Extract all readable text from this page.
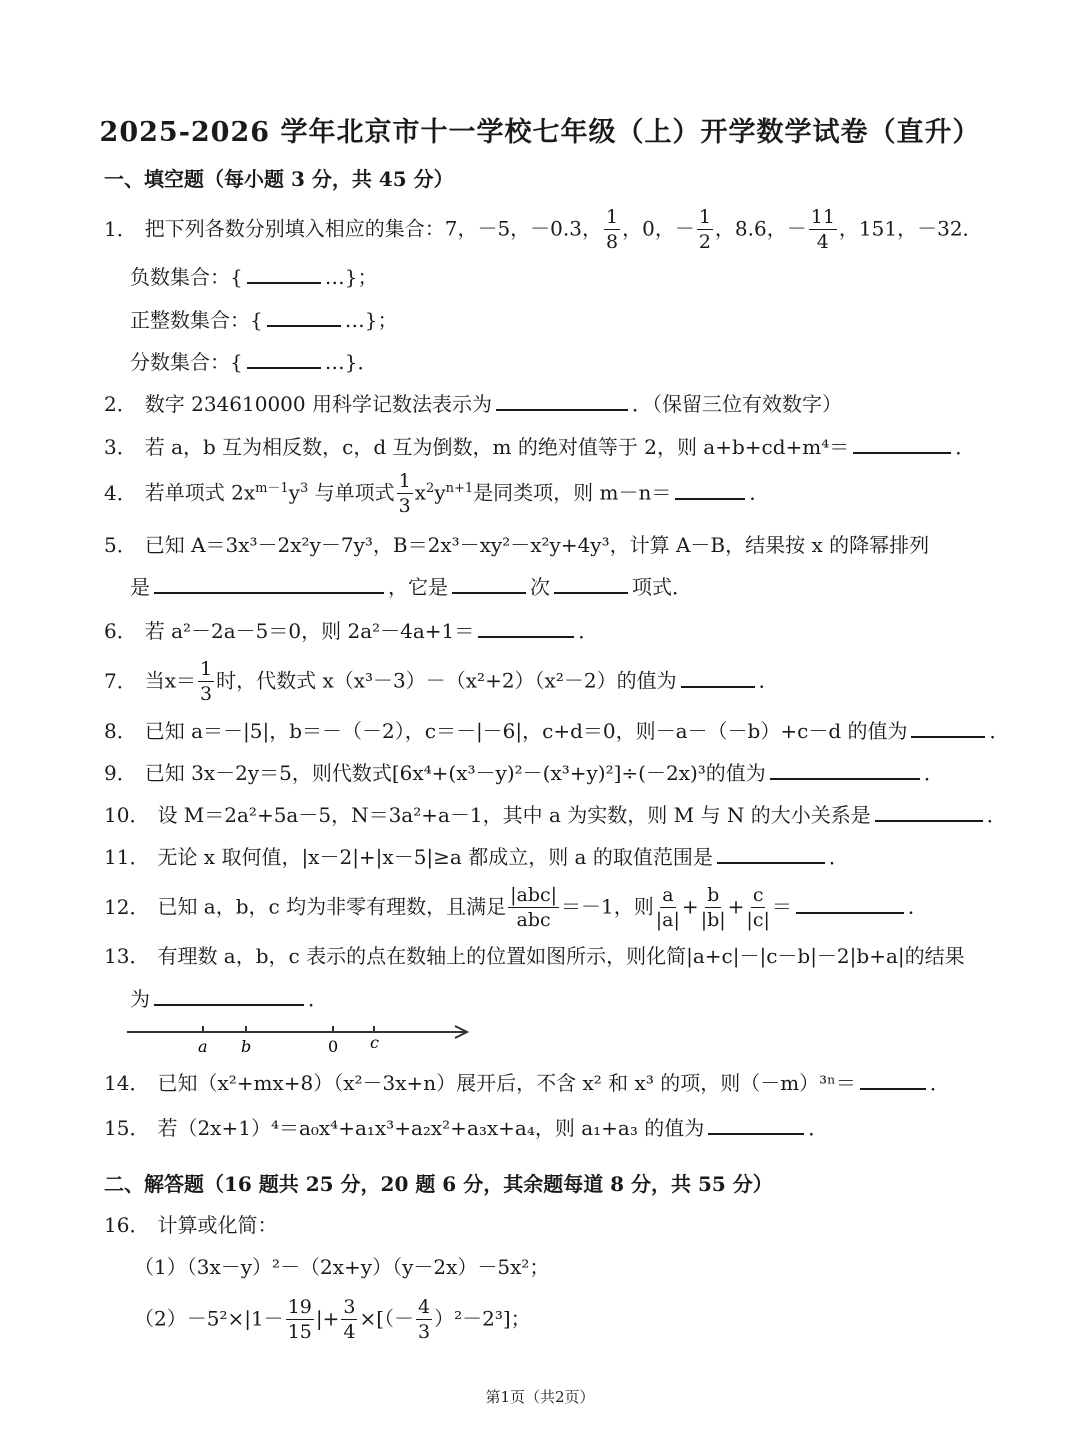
2025-2026 学年北京市十一学校七年级（上）开学数学试卷（直升）
一、填空题（每小题 3 分，共 45 分）
1． 把下列各数分别填入相应的集合：7，－5，－0.3， $\frac{1}{8}$ ，0，－ $\frac{1}{2}$ ，8.6，－ $\frac{11}{4}$ ，151，－32．
负数集合：{	…}；
正整数集合：{	…}；
分数集合：{	…}．
2． 数字 234610000 用科学记数法表示为	．（保留三位有效数字）
3． 若 a，b 互为相反数，c，d 互为倒数，m 的绝对值等于 2，则 a+b+cd+m⁴＝	．
4． 若单项式 $2x^{m-1}y^3$ 与单项式 $\frac{1}{3} x^2y^{n+1}$是同类项，则 m－n＝	．
5． 已知 A＝3x³－2x²y－7y³，B＝2x³－xy²－x²y+4y³，计算 A－B，结果按 x 的降幂排列
是	，它是	次	项式．
6． 若 a²－2a－5＝0，则 2a²－4a+1＝	．
7． 当$x= \frac{1}{3}$ 时，代数式 x（x³－3）－（x²+2）（x²－2）的值为	．
8． 已知 a＝－|5|，b＝－（－2），c＝－|－6|，c+d＝0，则－a－（－b）+c－d 的值为	．
9． 已知 3x－2y＝5，则代数式[6x⁴+(x³－y)²－(x³+y)²]÷(－2x)³的值为	．
10． 设 M＝2a²+5a－5，N＝3a²+a－1，其中 a 为实数，则 M 与 N 的大小关系是	．
11． 无论 x 取何值，|x－2|+|x－5|≥a 都成立，则 a 的取值范围是	．
12． 已知 a，b，c 均为非零有理数，且满足 $\frac{\text{|abc|}}{\text{abc}} =-1$，则 $\frac{a}{|a|} + \frac{b}{|b|} + \frac{c}{|c|}$ ＝	．
13． 有理数 a，b，c 表示的点在数轴上的位置如图所示，则化简|a+c|－|c－b|－2|b+a|的结果
为	．
a b	0 c
14． 已知（x²+mx+8）（x²－3x+n）展开后，不含 x² 和 x³ 的项，则（－m）³ⁿ＝	．
15． 若（2x+1）⁴＝a₀x⁴+a₁x³+a₂x²+a₃x+a₄，则 a₁+a₃ 的值为	．
二、解答题（16 题共 25 分，20 题 6 分，其余题每道 8 分，共 55 分）
16． 计算或化简：
（1）（3x－y）²－（2x+y）（y－2x）－5x²；
$(2)-5^2\times|1- \frac{19}{15}$ |+ $\frac{3}{4}$ ×[（－ $\frac{4}{3} )^2-2^3$]；
第1页（共2页）
